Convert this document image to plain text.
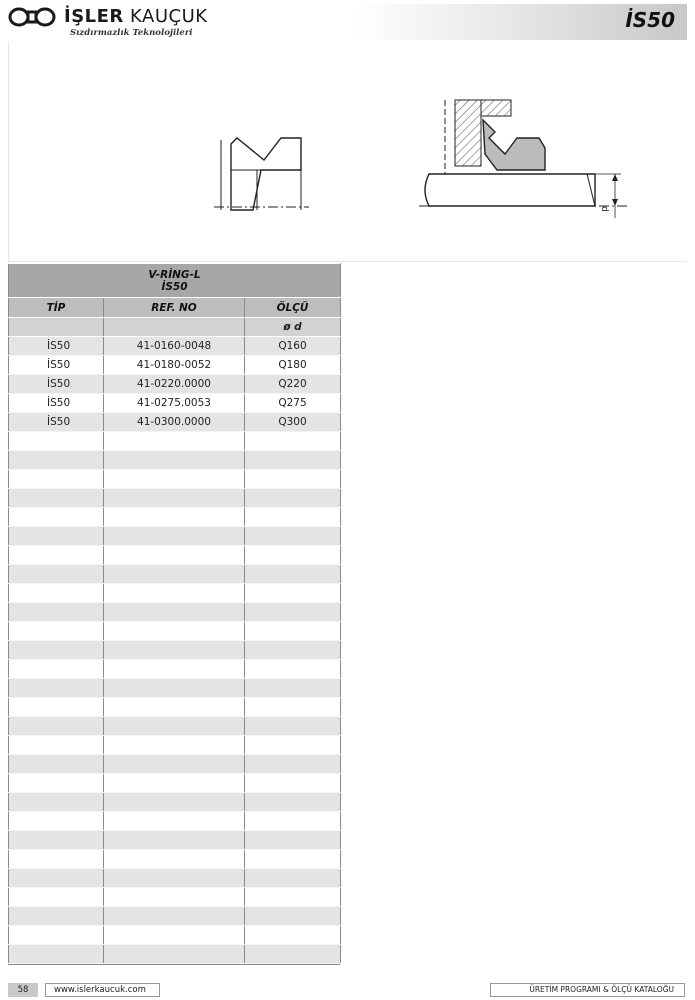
İŞLER KAUÇUK
Sızdırmazlık Teknolojileri
İS50
d
V-RİNG-L
İS50		

TİP	REF. NO	ÖLÇÜ
		ø d
İS50	41-0160-0048	Q160
İS50	41-0180-0052	Q180
İS50	41-0220.0000	Q220
İS50	41-0275.0053	Q275
İS50	41-0300.0000	Q300

58	www.islerkaucuk.com	ÜRETİM PROGRAMI & ÖLÇÜ KATALOĞU
